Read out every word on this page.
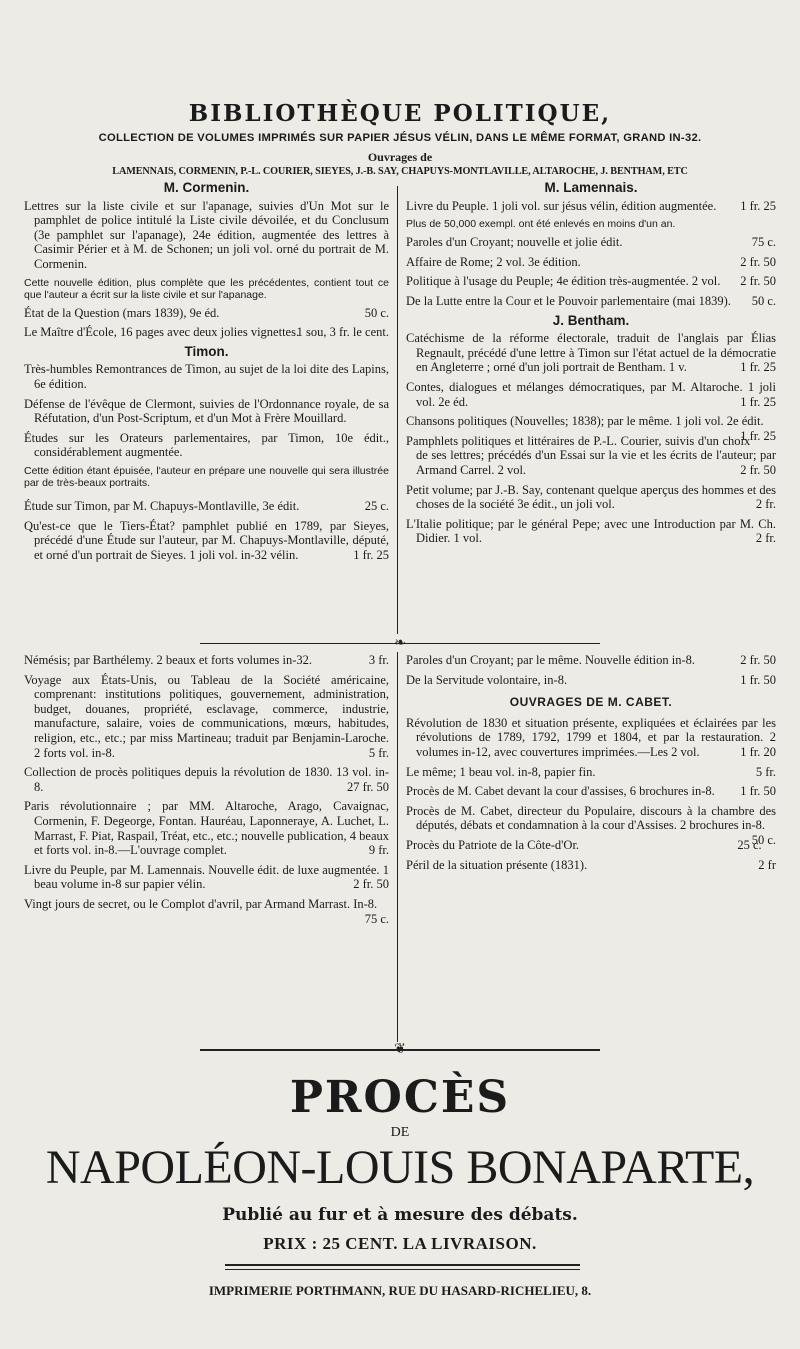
BIBLIOTHÈQUE POLITIQUE,
COLLECTION DE VOLUMES IMPRIMÉS SUR PAPIER JÉSUS VÉLIN, DANS LE MÊME FORMAT, GRAND IN-32.
Ouvrages de
LAMENNAIS, CORMENIN, P.-L. COURIER, SIEYES, J.-B. SAY, CHAPUYS-MONTLAVILLE, ALTAROCHE, J. BENTHAM, ETC
M. Cormenin.

Lettres sur la liste civile et sur l'apanage, suivies d'Un Mot sur le pamphlet de police intitulé la Liste civile dévoilée, et du Conclusum (3e pamphlet sur l'apanage), 24e édition, augmentée des lettres à Casimir Périer et à M. de Schonen; un joli vol. orné du portrait de M. Cormenin.

Cette nouvelle édition, plus complète que les précédentes, contient tout ce que l'auteur a écrit sur la liste civile et sur l'apanage.

État de la Question (mars 1839), 9e éd.	50 c.

Le Maître d'École, 16 pages avec deux jolies vignettes.
1 sou, 3 fr. le cent.

Timon.

Très-humbles Remontrances de Timon, au sujet de la loi dite des Lapins, 6e édition.

Défense de l'évêque de Clermont, suivies de l'Ordonnance royale, de sa Réfutation, d'un Post-Scriptum, et d'un Mot à Frère Mouillard.

Études sur les Orateurs parlementaires, par Timon, 10e édit., considérablement augmentée.

Cette édition étant épuisée, l'auteur en prépare une nouvelle qui sera illustrée par de très-beaux portraits.

Étude sur Timon, par M. Chapuys-Montlaville, 3e édit.	25 c.

Qu'est-ce que le Tiers-État? pamphlet publié en 1789, par Sieyes, précédé d'une Étude sur l'auteur, par M. Chapuys-Montlaville, député, et orné d'un portrait de Sieyes. 1 joli vol. in-32 vélin.	1 fr. 25

M. Lamennais.

Livre du Peuple. 1 joli vol. sur jésus vélin, édition augmentée. 1 fr. 25

Plus de 50,000 exempl. ont été enlevés en moins d'un an.

Paroles d'un Croyant; nouvelle et jolie édit.	75 c.

Affaire de Rome; 2 vol. 3e édition.	2 fr. 50

Politique à l'usage du Peuple; 4e édition très-augmentée. 2 vol. 2 fr. 50

De la Lutte entre la Cour et le Pouvoir parlementaire (mai 1839). 50 c.

J. Bentham.

Catéchisme de la réforme électorale, traduit de l'anglais par Élias Regnault, précédé d'une lettre à Timon sur l'état actuel de la démocratie en Angleterre ; orné d'un joli portrait de Bentham. 1 v.	1 fr. 25

Contes, dialogues et mélanges démocratiques, par M. Altaroche. 1 joli vol. 2e éd.	1 fr. 25

Chansons politiques (Nouvelles; 1838); par le même. 1 joli vol. 2e édit.
1 fr. 25

Pamphlets politiques et littéraires de P.-L. Courier, suivis d'un choix de ses lettres; précédés d'un Essai sur la vie et les écrits de l'auteur; par Armand Carrel. 2 vol.	2 fr. 50

Petit volume; par J.-B. Say, contenant quelque aperçus des hommes et des choses de la société 3e édit., un joli vol.	2 fr.

L'Italie politique; par le général Pepe; avec une Introduction par M. Ch. Didier. 1 vol.	2 fr.

❧

Némésis; par Barthélemy. 2 beaux et forts volumes in-32.	3 fr.

Voyage aux États-Unis, ou Tableau de la Société américaine, comprenant: institutions politiques, gouvernement, administration, budget, douanes, propriété, esclavage, commerce, industrie, manufacture, salaire, voies de communications, mœurs, habitudes, religion, etc., etc.; par miss Martineau; traduit par Benjamin-Laroche. 2 forts vol. in-8.	5 fr.

Collection de procès politiques depuis la révolution de 1830. 13 vol. in-8.	27 fr. 50

Paris révolutionnaire ; par MM. Altaroche, Arago, Cavaignac, Cormenin, F. Degeorge, Fontan. Hauréau, Laponneraye, A. Luchet, L. Marrast, F. Piat, Raspail, Tréat, etc., etc.; nouvelle publication, 4 beaux et forts vol. in-8.—L'ouvrage complet.	9 fr.

Livre du Peuple, par M. Lamennais. Nouvelle édit. de luxe augmentée. 1 beau volume in-8 sur papier vélin.	2 fr. 50

Vingt jours de secret, ou le Complot d'avril, par Armand Marrast. In-8.
75 c.

Paroles d'un Croyant; par le même. Nouvelle édition in-8.	2 fr. 50

De la Servitude volontaire, in-8.	1 fr. 50

OUVRAGES DE M. CABET.

Révolution de 1830 et situation présente, expliquées et éclairées par les révolutions de 1789, 1792, 1799 et 1804, et par la restauration. 2 volumes in-12, avec couvertures imprimées.—Les 2 vol.	1 fr. 20

Le même; 1 beau vol. in-8, papier fin.	5 fr.

Procès de M. Cabet devant la cour d'assises, 6 brochures in-8. 1 fr. 50

Procès de M. Cabet, directeur du Populaire, discours à la chambre des députés, débats et condamnation à la cour d'Assises. 2 brochures in-8.
50 c.

Procès du Patriote de la Côte-d'Or.	25 c.

Péril de la situation présente (1831).	2 fr

❦
PROCÈS
DE
NAPOLÉON-LOUIS BONAPARTE,
Publié au fur et à mesure des débats.
PRIX : 25 CENT. LA LIVRAISON.
IMPRIMERIE PORTHMANN, RUE DU HASARD-RICHELIEU, 8.
